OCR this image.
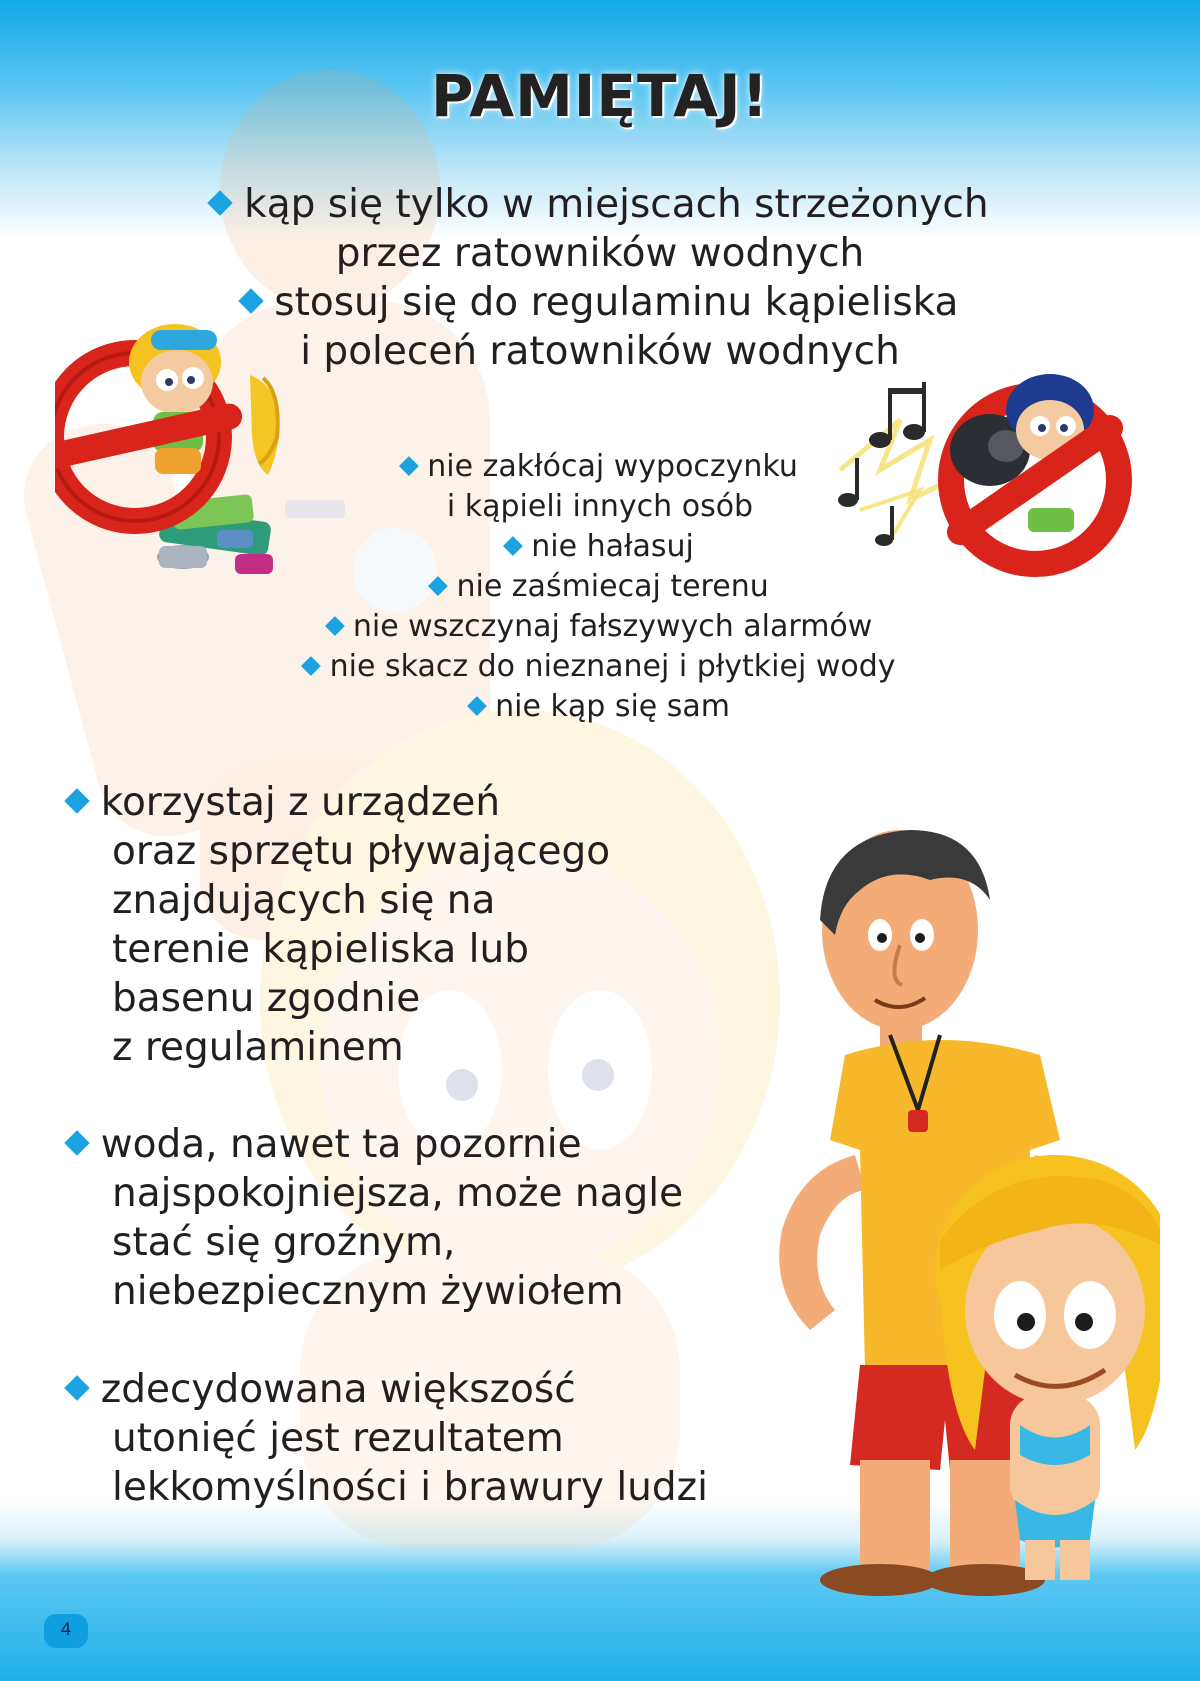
PAMIĘTAJ!
kąp się tylko w miejscach strzeżonych
przez ratowników wodnych
stosuj się do regulaminu kąpieliska
i poleceń ratowników wodnych
nie zakłócaj wypoczynku
i kąpieli innych osób
nie hałasuj
nie zaśmiecaj terenu
nie wszczynaj fałszywych alarmów
nie skacz do nieznanej i płytkiej wody
nie kąp się sam
korzystaj z urządzeń
oraz sprzętu pływającego
znajdujących się na
terenie kąpieliska lub
basenu zgodnie
z regulaminem
woda, nawet ta pozornie
najspokojniejsza, może nagle
stać się groźnym,
niebezpiecznym żywiołem
zdecydowana większość
utonięć jest rezultatem
lekkomyślności i brawury ludzi
4
